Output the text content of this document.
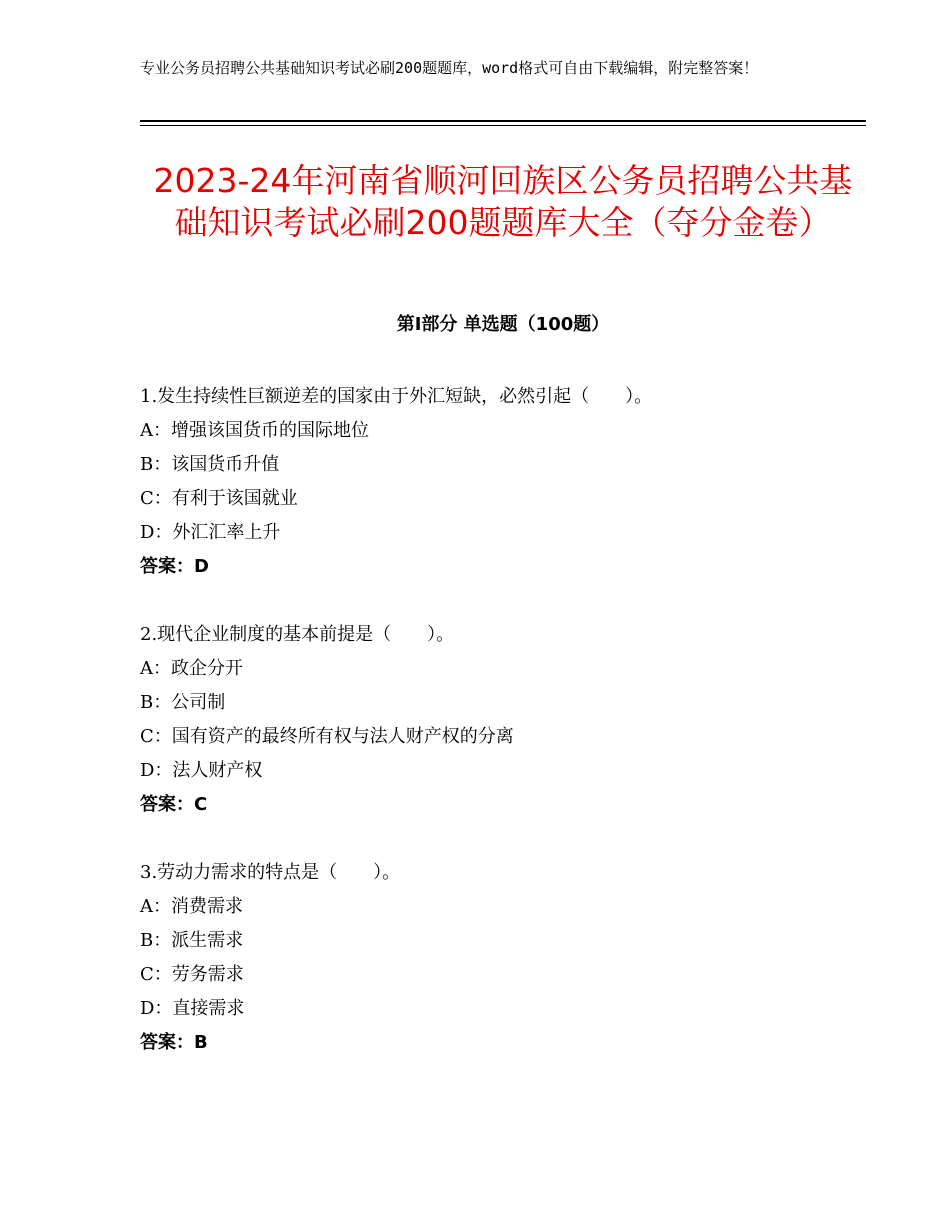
专业公务员招聘公共基础知识考试必刷200题题库，word格式可自由下载编辑，附完整答案！
2023-24年河南省顺河回族区公务员招聘公共基础知识考试必刷200题题库大全（夺分金卷）
第Ⅰ部分 单选题（100题）
1.发生持续性巨额逆差的国家由于外汇短缺，必然引起（　　）。
A：增强该国货币的国际地位
B：该国货币升值
C：有利于该国就业
D：外汇汇率上升
答案：D
2.现代企业制度的基本前提是（　　）。
A：政企分开
B：公司制
C：国有资产的最终所有权与法人财产权的分离
D：法人财产权
答案：C
3.劳动力需求的特点是（　　）。
A：消费需求
B：派生需求
C：劳务需求
D：直接需求
答案：B
